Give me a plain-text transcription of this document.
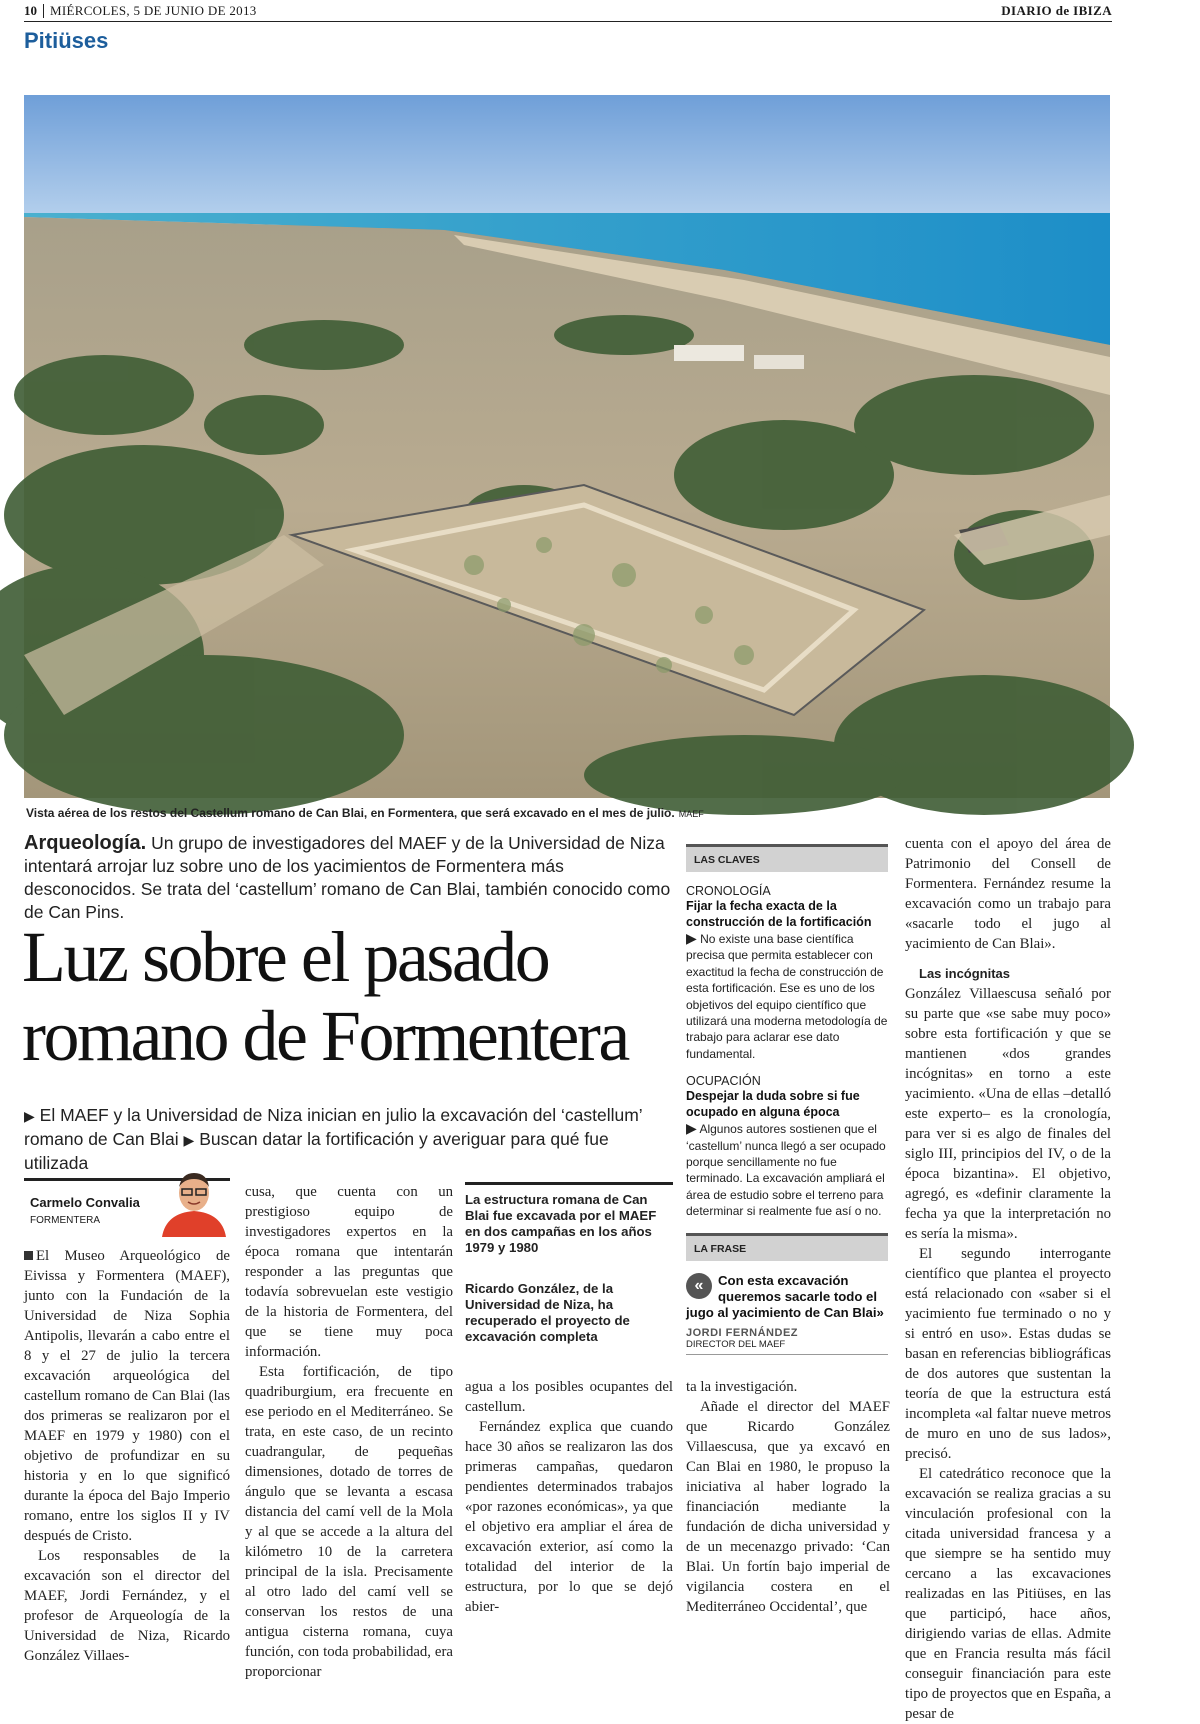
10 MIÉRCOLES, 5 DE JUNIO DE 2013	DIARIO de IBIZA
Pitiüses
Vista aérea de los restos del Castellum romano de Can Blai, en Formentera, que será excavado en el mes de julio. MAEF
Arqueología. Un grupo de investigadores del MAEF y de la Universidad de Niza intentará arrojar luz sobre uno de los yacimientos de Formentera más desconocidos. Se trata del ‘castellum’ romano de Can Blai, también conocido como de Can Pins.
Luz sobre el pasado
romano de Formentera
▶ El MAEF y la Universidad de Niza inician en julio la excavación del ‘castellum’ romano de Can Blai ▶ Buscan datar la fortificación y averiguar para qué fue utilizada
Carmelo Convalia
FORMENTERA

El Museo Arqueológico de Eivissa y Formentera (MAEF), junto con la Fundación de la Universidad de Niza Sophia Antipolis, llevarán a cabo entre el 8 y el 27 de julio la tercera excavación arqueológica del castellum romano de Can Blai (las dos primeras se realizaron por el MAEF en 1979 y 1980) con el objetivo de profundizar en su historia y en lo que significó durante la época del Bajo Imperio romano, entre los siglos II y IV después de Cristo.

Los responsables de la excavación son el director del MAEF, Jordi Fernández, y el profesor de Arqueología de la Universidad de Niza, Ricardo González Villaes-

cusa, que cuenta con un prestigioso equipo de investigadores expertos en la época romana que intentarán responder a las preguntas que todavía sobrevuelan este vestigio de la historia de Formentera, del que se tiene muy poca información.

Esta fortificación, de tipo quadriburgium, era frecuente en ese periodo en el Mediterráneo. Se trata, en este caso, de un recinto cuadrangular, de pequeñas dimensiones, dotado de torres de ángulo que se levanta a escasa distancia del camí vell de la Mola y al que se accede a la altura del kilómetro 10 de la carretera principal de la isla. Precisamente al otro lado del camí vell se conservan los restos de una antigua cisterna romana, cuya función, con toda probabilidad, era proporcionar

La estructura romana de Can Blai fue excavada por el MAEF en dos campañas en los años 1979 y 1980
Ricardo González, de la Universidad de Niza, ha recuperado el proyecto de excavación completa

agua a los posibles ocupantes del castellum.

Fernández explica que cuando hace 30 años se realizaron las dos primeras campañas, quedaron pendientes determinados trabajos «por razones económicas», ya que el objetivo era ampliar el área de excavación exterior, así como la totalidad del interior de la estructura, por lo que se dejó abier-

LAS CLAVES
CRONOLOGÍA
Fijar la fecha exacta de la construcción de la fortificación
▶ No existe una base científica precisa que permita establecer con exactitud la fecha de construcción de esta fortificación. Ese es uno de los objetivos del equipo científico que utilizará una moderna metodología de trabajo para aclarar ese dato fundamental.
OCUPACIÓN
Despejar la duda sobre si fue ocupado en alguna época
▶ Algunos autores sostienen que el ‘castellum’ nunca llegó a ser ocupado porque sencillamente no fue terminado. La excavación ampliará el área de estudio sobre el terreno para determinar si realmente fue así o no.
LA FRASE
«	Con esta excavación queremos sacarle todo el jugo al yacimiento de Can Blai»
JORDI FERNÁNDEZ
DIRECTOR DEL MAEF

ta la investigación.

Añade el director del MAEF que Ricardo González Villaescusa, que ya excavó en Can Blai en 1980, le propuso la iniciativa al haber logrado la financiación mediante la fundación de dicha universidad y de un mecenazgo privado: ‘Can Blai. Un fortín bajo imperial de vigilancia costera en el Mediterráneo Occidental’, que

cuenta con el apoyo del área de Patrimonio del Consell de Formentera. Fernández resume la excavación como un trabajo para «sacarle todo el jugo al yacimiento de Can Blai».

Las incógnitas

González Villaescusa señaló por su parte que «se sabe muy poco» sobre esta fortificación y que se mantienen «dos grandes incógnitas» en torno a este yacimiento. «Una de ellas –detalló este experto– es la cronología, para ver si es algo de finales del siglo III, principios del IV, o de la época bizantina». El objetivo, agregó, es «definir claramente la fecha ya que la interpretación no es sería la misma».

El segundo interrogante científico que plantea el proyecto está relacionado con «saber si el yacimiento fue terminado o no y si entró en uso». Estas dudas se basan en referencias bibliográficas de dos autores que sustentan la teoría de que la estructura está incompleta «al faltar nueve metros de muro en uno de sus lados», precisó.

El catedrático reconoce que la excavación se realiza gracias a su vinculación profesional con la citada universidad francesa y a que siempre se ha sentido muy cercano a las excavaciones realizadas en las Pitiüses, en las que participó, hace años, dirigiendo varias de ellas. Admite que en Francia resulta más fácil conseguir financiación para este tipo de proyectos que en España, a pesar de
